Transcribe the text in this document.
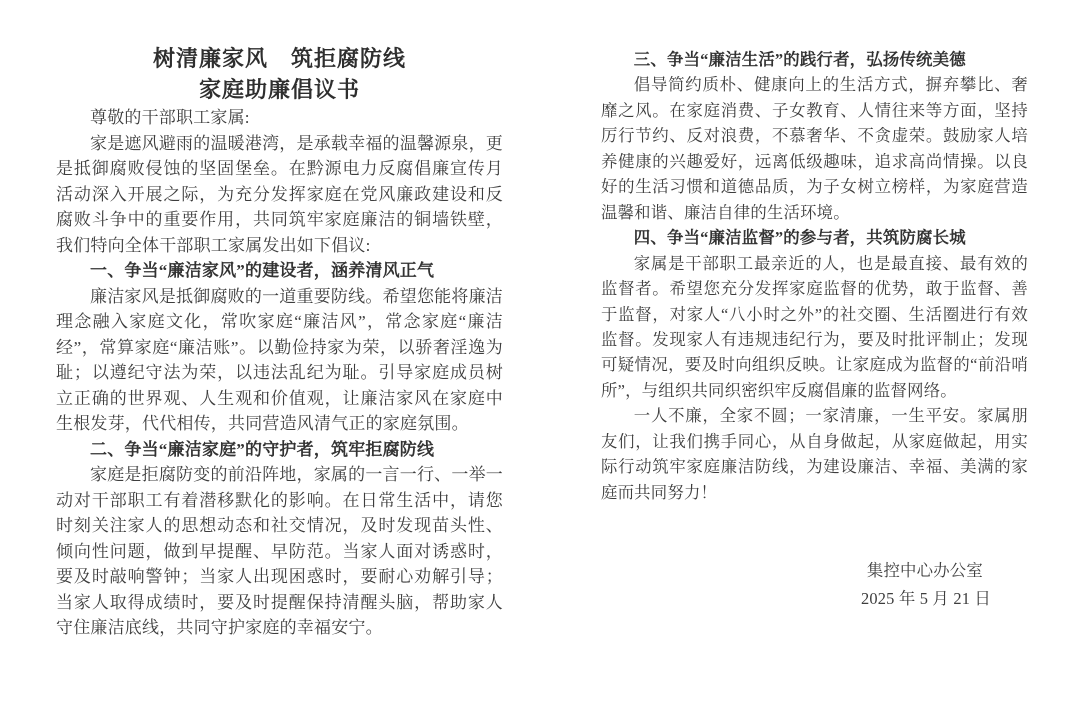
树清廉家风　筑拒腐防线
家庭助廉倡议书

尊敬的干部职工家属:

家是遮风避雨的温暖港湾，是承载幸福的温馨源泉，更是抵御腐败侵蚀的坚固堡垒。在黔源电力反腐倡廉宣传月活动深入开展之际，为充分发挥家庭在党风廉政建设和反腐败斗争中的重要作用，共同筑牢家庭廉洁的铜墙铁壁，我们特向全体干部职工家属发出如下倡议:

一、争当“廉洁家风”的建设者，涵养清风正气

廉洁家风是抵御腐败的一道重要防线。希望您能将廉洁理念融入家庭文化，常吹家庭“廉洁风”，常念家庭“廉洁经”，常算家庭“廉洁账”。以勤俭持家为荣，以骄奢淫逸为耻；以遵纪守法为荣，以违法乱纪为耻。引导家庭成员树立正确的世界观、人生观和价值观，让廉洁家风在家庭中生根发芽，代代相传，共同营造风清气正的家庭氛围。

二、争当“廉洁家庭”的守护者，筑牢拒腐防线

家庭是拒腐防变的前沿阵地，家属的一言一行、一举一动对干部职工有着潜移默化的影响。在日常生活中，请您时刻关注家人的思想动态和社交情况，及时发现苗头性、倾向性问题，做到早提醒、早防范。当家人面对诱惑时，要及时敲响警钟；当家人出现困惑时，要耐心劝解引导；当家人取得成绩时，要及时提醒保持清醒头脑，帮助家人守住廉洁底线，共同守护家庭的幸福安宁。

三、争当“廉洁生活”的践行者，弘扬传统美德

倡导简约质朴、健康向上的生活方式，摒弃攀比、奢靡之风。在家庭消费、子女教育、人情往来等方面，坚持厉行节约、反对浪费，不慕奢华、不贪虚荣。鼓励家人培养健康的兴趣爱好，远离低级趣味，追求高尚情操。以良好的生活习惯和道德品质，为子女树立榜样，为家庭营造温馨和谐、廉洁自律的生活环境。

四、争当“廉洁监督”的参与者，共筑防腐长城

家属是干部职工最亲近的人，也是最直接、最有效的监督者。希望您充分发挥家庭监督的优势，敢于监督、善于监督，对家人“八小时之外”的社交圈、生活圈进行有效监督。发现家人有违规违纪行为，要及时批评制止；发现可疑情况，要及时向组织反映。让家庭成为监督的“前沿哨所”，与组织共同织密织牢反腐倡廉的监督网络。

一人不廉，全家不圆；一家清廉，一生平安。家属朋友们，让我们携手同心，从自身做起，从家庭做起，用实际行动筑牢家庭廉洁防线，为建设廉洁、幸福、美满的家庭而共同努力！

集控中心办公室
2025 年 5 月 21 日
